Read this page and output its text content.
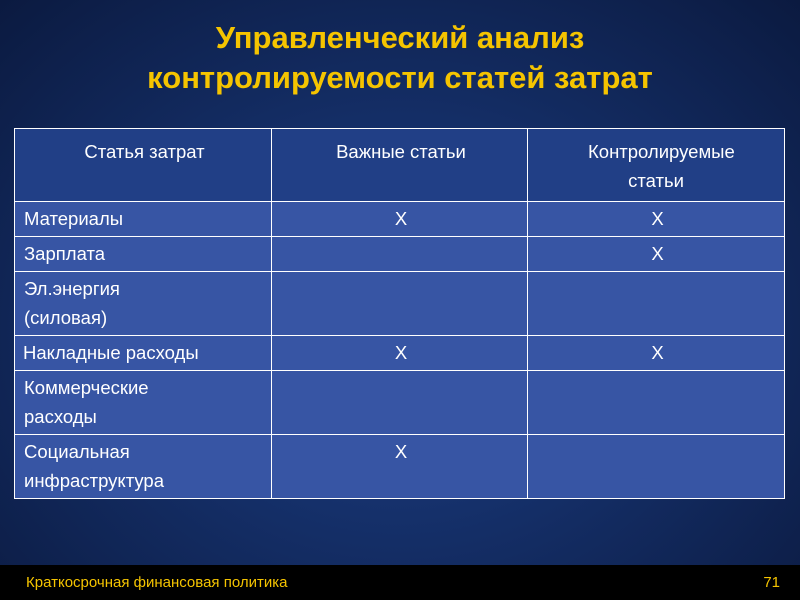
Управленческий анализ
контролируемости статей затрат
Статья затрат	Важные статьи	Контролируемые статьи
Материалы	X	X
Зарплата		X
Эл.энергия (силовая)		
Накладные расходы	X	X
Коммерческие расходы		
Социальная инфраструктура	X	
Краткосрочная финансовая политика	71
